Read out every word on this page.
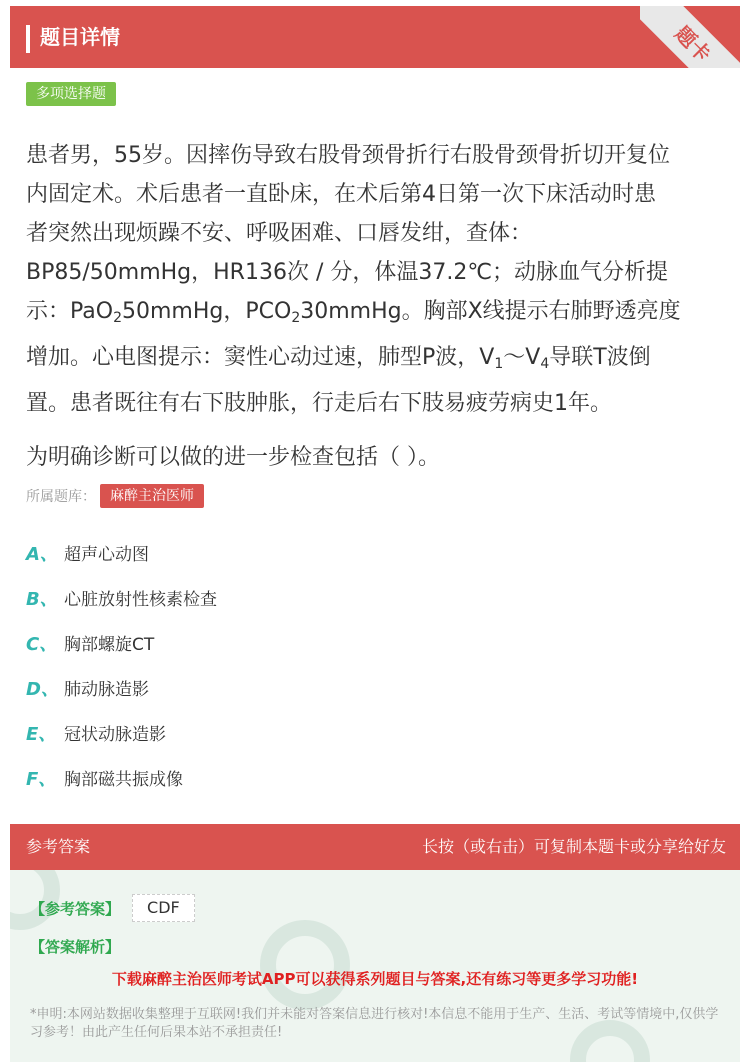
题目详情	题卡
多项选择题
患者男，55岁。因摔伤导致右股骨颈骨折行右股骨颈骨折切开复位
内固定术。术后患者一直卧床，在术后第4日第一次下床活动时患
者突然出现烦躁不安、呼吸困难、口唇发绀，查体：
BP85/50mmHg，HR136次 / 分，体温37.2℃；动脉血气分析提
示：PaO$_2$50mmHg，$PCO_230mmHg$。胸部X线提示右肺野透亮度
增加。心电图提示：窦性心动过速，肺型P波，$V_1\sim V_4$导联T波倒
置。患者既往有右下肢肿胀，行走后右下肢易疲劳病史1年。
为明确诊断可以做的进一步检查包括（ ）。
所属题库：	麻醉主治医师
A、 超声心动图
B、 心脏放射性核素检查
C、 胸部螺旋CT
D、 肺动脉造影
E、 冠状动脉造影
F、 胸部磁共振成像
参考答案	长按（或右击）可复制本题卡或分享给好友
【参考答案】	CDF
【答案解析】
下载麻醉主治医师考试APP可以获得系列题目与答案,还有练习等更多学习功能!
*申明:本网站数据收集整理于互联网!我们并未能对答案信息进行核对!本信息不能用于生产、生活、考试等情境中,仅供学习参考！由此产生任何后果本站不承担责任!
